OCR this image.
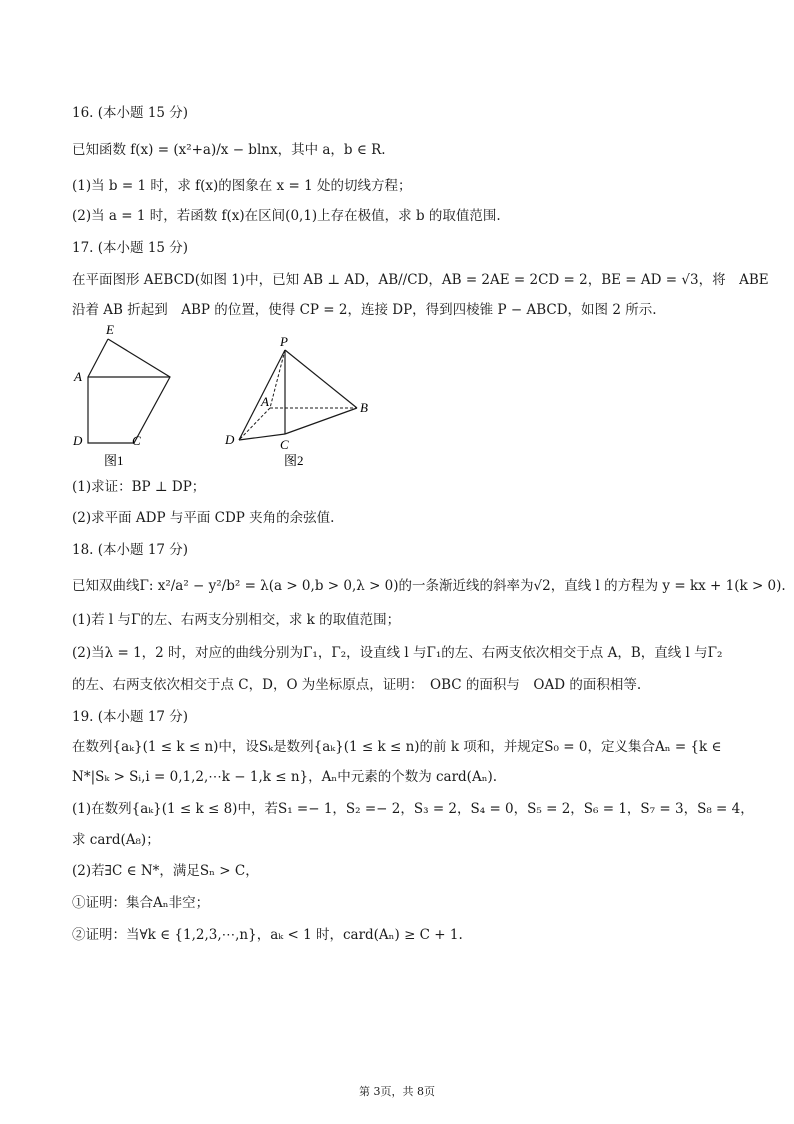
16. (本小题 15 分)
已知函数 f(x) = (x²+a)/x − blnx，其中 a，b ∈ R.
(1)当 b = 1 时，求 f(x)的图象在 x = 1 处的切线方程；
(2)当 a = 1 时，若函数 f(x)在区间(0,1)上存在极值，求 b 的取值范围.
17. (本小题 15 分)
在平面图形 AEBCD(如图 1)中，已知 AB ⊥ AD，AB//CD，AB = 2AE = 2CD = 2，BE = AD = √3，将　ABE
沿着 AB 折起到　ABP 的位置，使得 CP = 2，连接 DP，得到四棱锥 P − ABCD，如图 2 所示.
E
A
D	C
图1
P
A	B
D	C
图2
(1)求证：BP ⊥ DP；
(2)求平面 ADP 与平面 CDP 夹角的余弦值.
18. (本小题 17 分)
已知双曲线Γ: x²/a² − y²/b² = λ(a > 0,b > 0,λ > 0)的一条渐近线的斜率为√2，直线 l 的方程为 y = kx + 1(k > 0).
(1)若 l 与Γ的左、右两支分别相交，求 k 的取值范围；
(2)当λ = 1，2 时，对应的曲线分别为Γ₁，Γ₂，设直线 l 与Γ₁的左、右两支依次相交于点 A，B，直线 l 与Γ₂
的左、右两支依次相交于点 C，D，O 为坐标原点，证明：　OBC 的面积与　OAD 的面积相等.
19. (本小题 17 分)
在数列{aₖ}(1 ≤ k ≤ n)中，设Sₖ是数列{aₖ}(1 ≤ k ≤ n)的前 k 项和，并规定S₀ = 0，定义集合Aₙ = {k ∈
N*|Sₖ > Sᵢ,i = 0,1,2,⋯k − 1,k ≤ n}，Aₙ中元素的个数为 card(Aₙ).
(1)在数列{aₖ}(1 ≤ k ≤ 8)中，若S₁ =− 1，S₂ =− 2，S₃ = 2，S₄ = 0，S₅ = 2，S₆ = 1，S₇ = 3，S₈ = 4，
求 card(A₈)；
(2)若∃C ∈ N*，满足Sₙ > C，
①证明：集合Aₙ非空；
②证明：当∀k ∈ {1,2,3,⋯,n}，aₖ < 1 时，card(Aₙ) ≥ C + 1.
第 3页，共 8页
